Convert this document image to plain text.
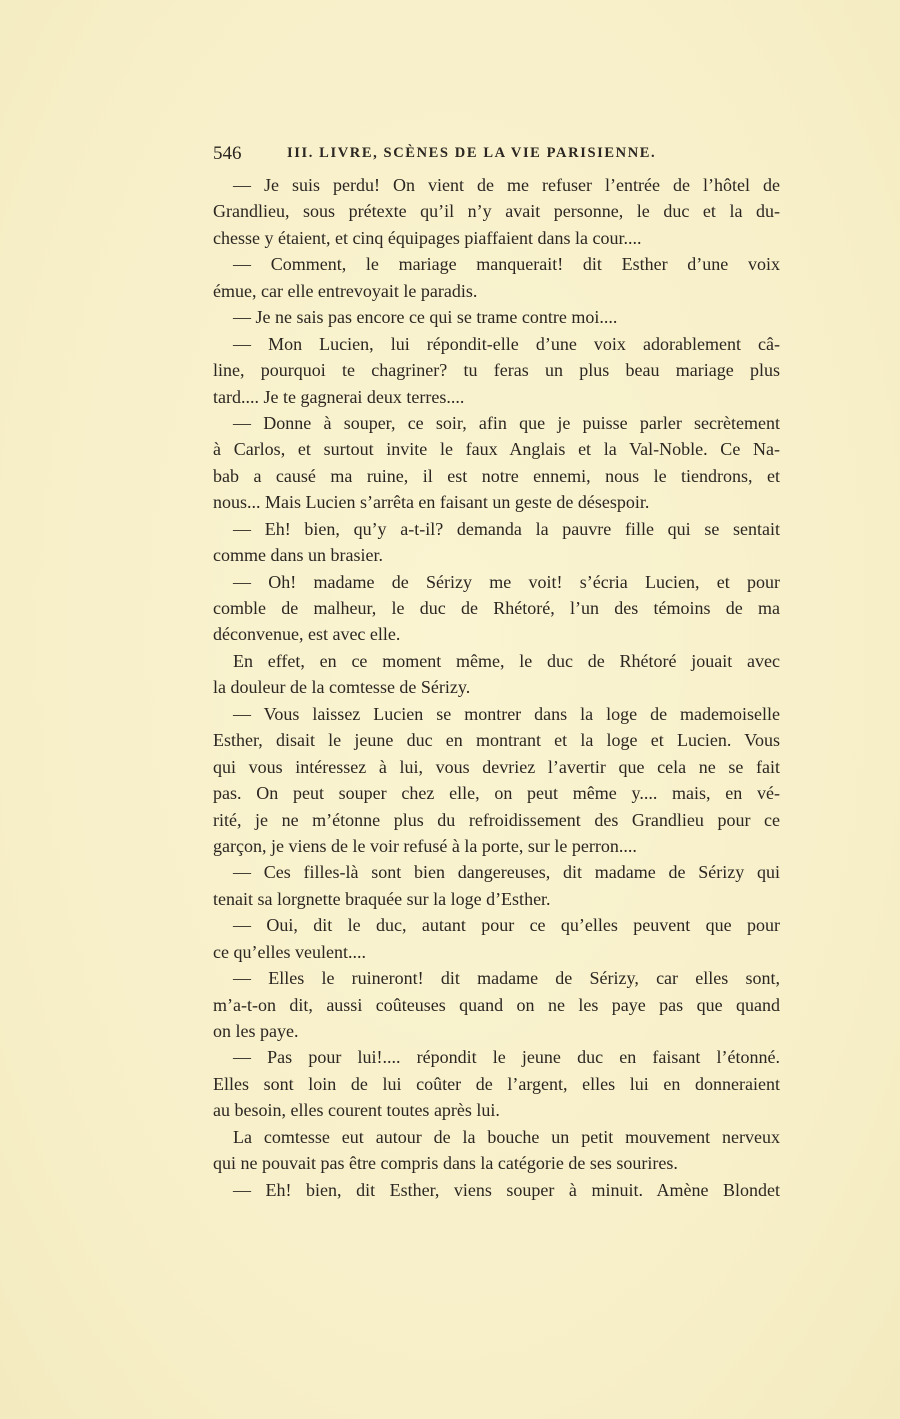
546	III. LIVRE, SCÈNES DE LA VIE PARISIENNE.
— Je suis perdu! On vient de me refuser l’entrée de l’hôtel de
Grandlieu, sous prétexte qu’il n’y avait personne, le duc et la du-
chesse y étaient, et cinq équipages piaffaient dans la cour....
— Comment, le mariage manquerait! dit Esther d’une voix
émue, car elle entrevoyait le paradis.
— Je ne sais pas encore ce qui se trame contre moi....
— Mon Lucien, lui répondit-elle d’une voix adorablement câ-
line, pourquoi te chagriner? tu feras un plus beau mariage plus
tard.... Je te gagnerai deux terres....
— Donne à souper, ce soir, afin que je puisse parler secrètement
à Carlos, et surtout invite le faux Anglais et la Val-Noble. Ce Na-
bab a causé ma ruine, il est notre ennemi, nous le tiendrons, et
nous... Mais Lucien s’arrêta en faisant un geste de désespoir.
— Eh! bien, qu’y a-t-il? demanda la pauvre fille qui se sentait
comme dans un brasier.
— Oh! madame de Sérizy me voit! s’écria Lucien, et pour
comble de malheur, le duc de Rhétoré, l’un des témoins de ma
déconvenue, est avec elle.
En effet, en ce moment même, le duc de Rhétoré jouait avec
la douleur de la comtesse de Sérizy.
— Vous laissez Lucien se montrer dans la loge de mademoiselle
Esther, disait le jeune duc en montrant et la loge et Lucien. Vous
qui vous intéressez à lui, vous devriez l’avertir que cela ne se fait
pas. On peut souper chez elle, on peut même y.... mais, en vé-
rité, je ne m’étonne plus du refroidissement des Grandlieu pour ce
garçon, je viens de le voir refusé à la porte, sur le perron....
— Ces filles-là sont bien dangereuses, dit madame de Sérizy qui
tenait sa lorgnette braquée sur la loge d’Esther.
— Oui, dit le duc, autant pour ce qu’elles peuvent que pour
ce qu’elles veulent....
— Elles le ruineront! dit madame de Sérizy, car elles sont,
m’a-t-on dit, aussi coûteuses quand on ne les paye pas que quand
on les paye.
— Pas pour lui!.... répondit le jeune duc en faisant l’étonné.
Elles sont loin de lui coûter de l’argent, elles lui en donneraient
au besoin, elles courent toutes après lui.
La comtesse eut autour de la bouche un petit mouvement nerveux
qui ne pouvait pas être compris dans la catégorie de ses sourires.
— Eh! bien, dit Esther, viens souper à minuit. Amène Blondet
